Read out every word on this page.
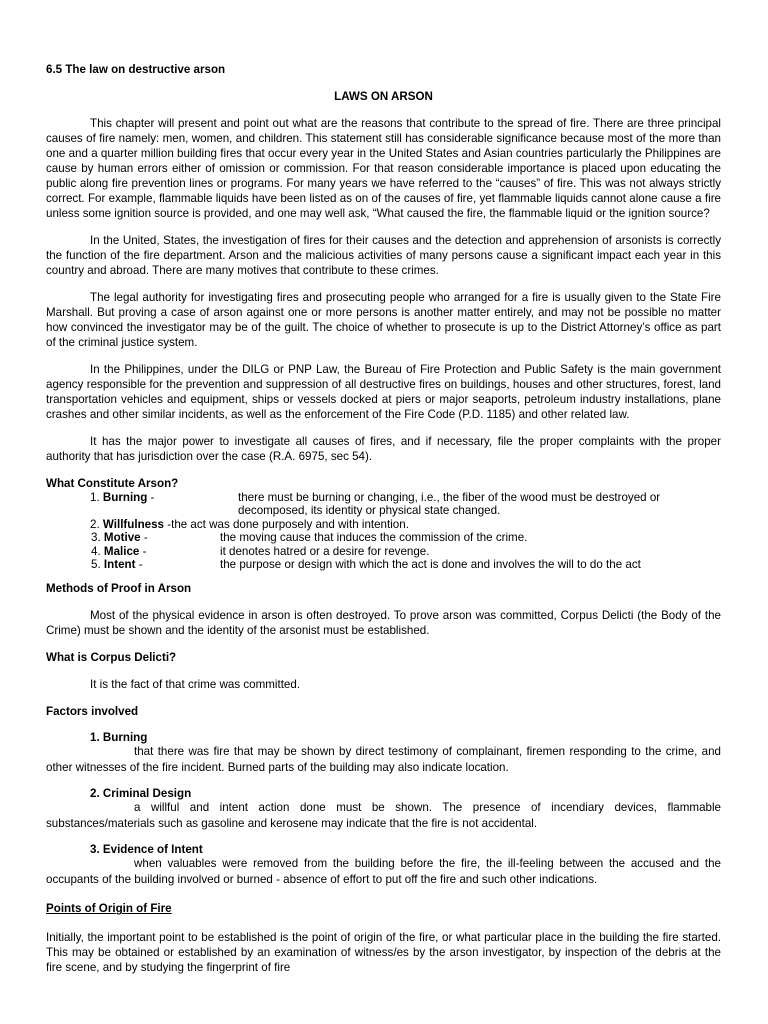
6.5 The law on destructive arson
LAWS ON ARSON

This chapter will present and point out what are the reasons that contribute to the spread of fire. There are three principal causes of fire namely: men, women, and children. This statement still has considerable significance because most of the more than one and a quarter million building fires that occur every year in the United States and Asian countries particularly the Philippines are cause by human errors either of omission or commission. For that reason considerable importance is placed upon educating the public along fire prevention lines or programs. For many years we have referred to the “causes” of fire. This was not always strictly correct. For example, flammable liquids have been listed as on of the causes of fire, yet flammable liquids cannot alone cause a fire unless some ignition source is provided, and one may well ask, “What caused the fire, the flammable liquid or the ignition source?

In the United, States, the investigation of fires for their causes and the detection and apprehension of arsonists is correctly the function of the fire department. Arson and the malicious activities of many persons cause a significant impact each year in this country and abroad. There are many motives that contribute to these crimes.

The legal authority for investigating fires and prosecuting people who arranged for a fire is usually given to the State Fire Marshall. But proving a case of arson against one or more persons is another matter entirely, and may not be possible no matter how convinced the investigator may be of the guilt. The choice of whether to prosecute is up to the District Attorney’s office as part of the criminal justice system.

In the Philippines, under the DILG or PNP Law, the Bureau of Fire Protection and Public Safety is the main government agency responsible for the prevention and suppression of all destructive fires on buildings, houses and other structures, forest, land transportation vehicles and equipment, ships or vessels docked at piers or major seaports, petroleum industry installations, plane crashes and other similar incidents, as well as the enforcement of the Fire Code (P.D. 1185) and other related law.

It has the major power to investigate all causes of fires, and if necessary, file the proper complaints with the proper authority that has jurisdiction over the case (R.A. 6975, sec 54).

What Constitute Arson?
1. Burning -	there must be burning or changing, i.e., the fiber of the wood must be destroyed or
decomposed, its identity or physical state changed.
2. Willfulness - the act was done purposely and with intention.
3. Motive -	the moving cause that induces the commission of the crime.
4. Malice -	it denotes hatred or a desire for revenge.
5. Intent -	the purpose or design with which the act is done and involves the will to do the act
Methods of Proof in Arson

Most of the physical evidence in arson is often destroyed. To prove arson was committed, Corpus Delicti (the Body of the Crime) must be shown and the identity of the arsonist must be established.

What is Corpus Delicti?
It is the fact of that crime was committed.
Factors involved
1. Burning
that there was fire that may be shown by direct testimony of complainant, firemen responding to the crime, and other witnesses of the fire incident. Burned parts of the building may also indicate location.
2. Criminal Design
a willful and intent action done must be shown. The presence of incendiary devices, flammable substances/materials such as gasoline and kerosene may indicate that the fire is not accidental.
3. Evidence of Intent
when valuables were removed from the building before the fire, the ill-feeling between the accused and the occupants of the building involved or burned - absence of effort to put off the fire and such other indications.
Points of Origin of Fire

Initially, the important point to be established is the point of origin of the fire, or what particular place in the building the fire started. This may be obtained or established by an examination of witness/es by the arson investigator, by inspection of the debris at the fire scene, and by studying the fingerprint of fire
